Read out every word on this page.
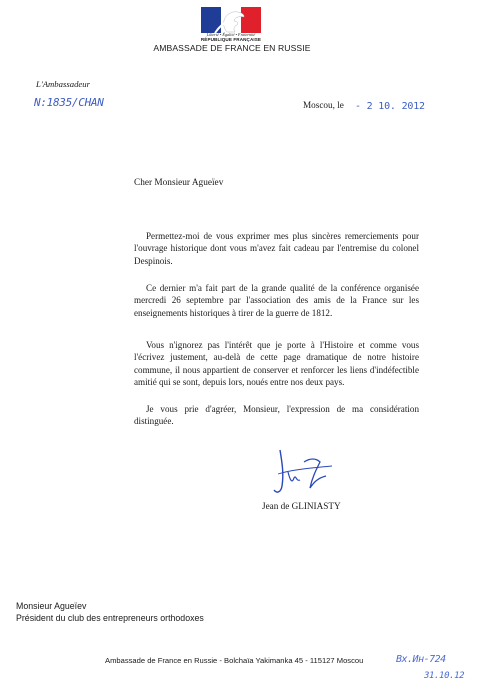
Liberté • Égalité • Fraternité
RÉPUBLIQUE FRANÇAISE
AMBASSADE DE FRANCE EN RUSSIE
L'Ambassadeur
N:1835/CHAN	Moscou, le - 2 10. 2012
Cher Monsieur Agueïev
Permettez-moi de vous exprimer mes plus sincères remerciements pour l'ouvrage historique dont vous m'avez fait cadeau par l'entremise du colonel Despinois.
Ce dernier m'a fait part de la grande qualité de la conférence organisée mercredi 26 septembre par l'association des amis de la France sur les enseignements historiques à tirer de la guerre de 1812.
Vous n'ignorez pas l'intérêt que je porte à l'Histoire et comme vous l'écrivez justement, au-delà de cette page dramatique de notre histoire commune, il nous appartient de conserver et renforcer les liens d'indéfectible amitié qui se sont, depuis lors, noués entre nos deux pays.
Je vous prie d'agréer, Monsieur, l'expression de ma considération distinguée.
Jean de GLINIASTY
Monsieur Agueïev
Président du club des entrepreneurs orthodoxes
Ambassade de France en Russie - Bolchaïa Yakimanka 45 - 115127 Moscou	Bx.Ин-724
31.10.12
